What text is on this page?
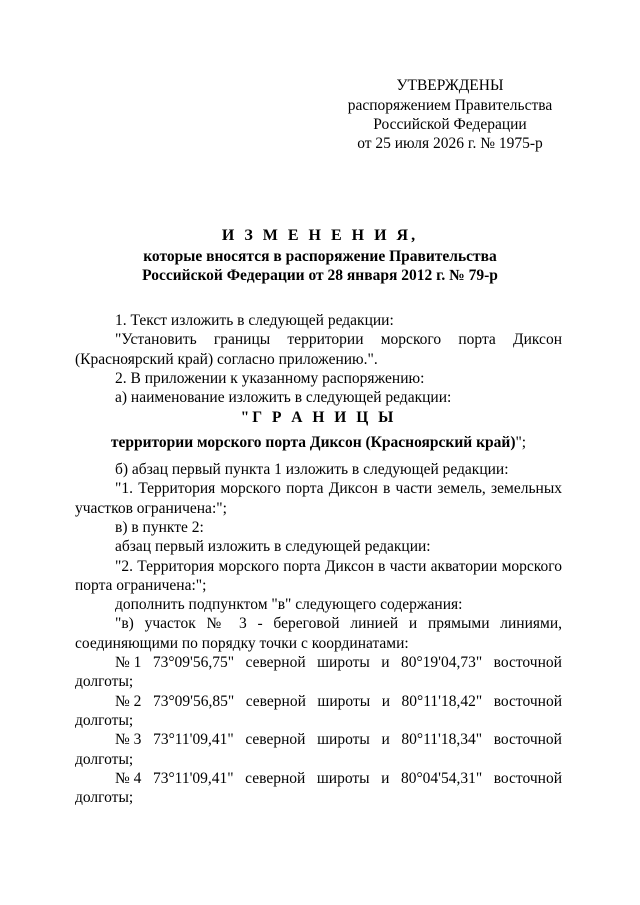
УТВЕРЖДЕНЫ
распоряжением Правительства
Российской Федерации
от 25 июля 2026 г. № 1975-р
И З М Е Н Е Н И Я,
которые вносятся в распоряжение Правительства
Российской Федерации от 28 января 2012 г. № 79-р
1. Текст изложить в следующей редакции:
"Установить границы территории морского порта Диксон (Красноярский край) согласно приложению.".
2. В приложении к указанному распоряжению:
а) наименование изложить в следующей редакции:
"Г Р А Н И Ц Ы
территории морского порта Диксон (Красноярский край)";
б) абзац первый пункта 1 изложить в следующей редакции:
"1. Территория морского порта Диксон в части земель, земельных участков ограничена:";
в) в пункте 2:
абзац первый изложить в следующей редакции:
"2. Территория морского порта Диксон в части акватории морского порта ограничена:";
дополнить подпунктом "в" следующего содержания:
"в) участок № 3 - береговой линией и прямыми линиями, соединяющими по порядку точки с координатами:
№ 1 73°09'56,75" северной широты и 80°19'04,73" восточной
долготы;
№ 2 73°09'56,85" северной широты и 80°11'18,42" восточной
долготы;
№ 3 73°11'09,41" северной широты и 80°11'18,34" восточной
долготы;
№ 4 73°11'09,41" северной широты и 80°04'54,31" восточной
долготы;
